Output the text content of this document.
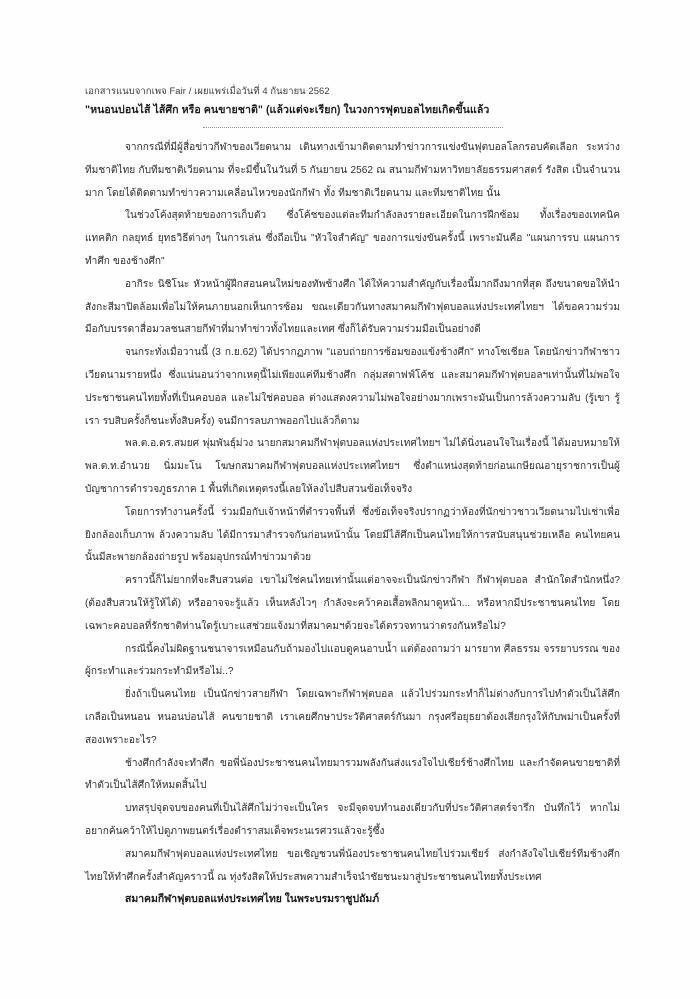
เอกสารแนบจากเพจ Fair / เผยแพร่เมื่อวันที่ 4 กันยายน 2562
"หนอนบ่อนไส้ ไส้ศึก หรือ คนขายชาติ" (แล้วแต่จะเรียก) ในวงการฟุตบอลไทยเกิดขึ้นแล้ว

จากกรณีที่มีผู้สื่อข่าวกีฬาของเวียดนาม เดินทางเข้ามาติดตามทำข่าวการแข่งขันฟุตบอลโลกรอบคัดเลือก ระหว่างทีมชาติไทย กับทีมชาติเวียดนาม ที่จะมีขึ้นในวันที่ 5 กันยายน 2562 ณ สนามกีฬามหาวิทยาลัยธรรมศาสตร์ รังสิต เป็นจำนวนมาก โดยได้ติดตามทำข่าวความเคลื่อนไหวของนักกีฬา ทั้ง ทีมชาติเวียดนาม และทีมชาติไทย นั้น

ในช่วงโค้งสุดท้ายของการเก็บตัว ซึ่งโค้ชของแต่ละทีมกำลังลงรายละเอียดในการฝึกซ้อม ทั้งเรื่องของเทคนิค แทคติก กลยุทธ์ ยุทธวิธีต่างๆ ในการเล่น ซึ่งถือเป็น "หัวใจสำคัญ" ของการแข่งขันครั้งนี้ เพราะมันคือ "แผนการรบ แผนการทำศึก ของช้างศึก"

อากิระ นิชิโนะ หัวหน้าผู้ฝึกสอนคนใหม่ของทัพช้างศึก ได้ให้ความสำคัญกับเรื่องนี้มากถึงมากที่สุด ถึงขนาดขอให้นำสังกะสีมาปิดล้อมเพื่อไม่ให้คนภายนอกเห็นการซ้อม ขณะเดียวกันทางสมาคมกีฬาฟุตบอลแห่งประเทศไทยฯ ได้ขอความร่วมมือกับบรรดาสื่อมวลชนสายกีฬาที่มาทำข่าวทั้งไทยและเทศ ซึ่งก็ได้รับความร่วมมือเป็นอย่างดี

จนกระทั่งเมื่อวานนี้ (3 ก.ย.62) ได้ปรากฏภาพ "แอบถ่ายการซ้อมของแข้งช้างศึก" ทางโซเชียล โดยนักข่าวกีฬาชาวเวียดนามรายหนึ่ง ซึ่งแน่นอนว่าจากเหตุนี้ไม่เพียงแค่ทีมช้างศึก กลุ่มสตาฟฟ์โค้ช และสมาคมกีฬาฟุตบอลฯเท่านั้นที่ไม่พอใจ ประชาชนคนไทยทั้งที่เป็นคอบอล และไม่ใช่คอบอล ต่างแสดงความไม่พอใจอย่างมากเพราะมันเป็นการล้วงความลับ (รู้เขา รู้เรา รบสิบครั้งก็ชนะทั้งสิบครั้ง) จนมีการลบภาพออกไปแล้วก็ตาม

พล.ต.อ.ดร.สมยศ พุ่มพันธุ์ม่วง นายกสมาคมกีฬาฟุตบอลแห่งประเทศไทยฯ ไม่ได้นิ่งนอนใจในเรื่องนี้ ได้มอบหมายให้ พล.ต.ท.อำนวย นิ่มมะโน โฆษกสมาคมกีฬาฟุตบอลแห่งประเทศไทยฯ ซึ่งตำแหน่งสุดท้ายก่อนเกษียณอายุราชการเป็นผู้บัญชาการตำรวจภูธรภาค 1 พื้นที่เกิดเหตุตรงนี้เลยให้ลงไปสืบสวนข้อเท็จจริง

โดยการทำงานครั้งนี้ ร่วมมือกับเจ้าหน้าที่ตำรวจพื้นที่ ซึ่งข้อเท็จจริงปรากฏว่าห้องที่นักข่าวชาวเวียดนามไปเช่าเพื่อยิงกล้องเก็บภาพ ล้วงความลับ ได้มีการมาสำรวจกันก่อนหน้านั้น โดยมีไส้ศึกเป็นคนไทยให้การสนับสนุนช่วยเหลือ คนไทยคนนั้นมีสะพายกล้องถ่ายรูป พร้อมอุปกรณ์ทำข่าวมาด้วย

คราวนี้ก็ไม่ยากที่จะสืบสวนต่อ เขาไม่ใช่คนไทยเท่านั้นแต่อาจจะเป็นนักข่าวกีฬา กีฬาฟุตบอล สำนักใดสำนักหนึ่ง? (ต้องสืบสวนให้รู้ให้ได้) หรืออาจจะรู้แล้ว เห็นหลังไวๆ กำลังจะคว้าคอเสื้อพลิกมาดูหน้า... หรือหากมีประชาชนคนไทย โดยเฉพาะคอบอลที่รักชาติท่านใดรู้เบาะแสช่วยแจ้งมาที่สมาคมฯด้วยจะได้ตรวจทานว่าตรงกันหรือไม่?

กรณีนี้คงไม่ผิดฐานชนาจารเหมือนกับถ้ามองไปแอบดูคนอาบน้ำ แต่ต้องถามว่า มารยาท ศีลธรรม จรรยาบรรณ ของผู้กระทำและร่วมกระทำมีหรือไม่..?

ยิ่งถ้าเป็นคนไทย เป็นนักข่าวสายกีฬา โดยเฉพาะกีฬาฟุตบอล แล้วไปร่วมกระทำก็ไม่ต่างกับการไปทำตัวเป็นไส้ศึก เกลือเป็นหนอน หนอนบ่อนไส้ คนขายชาติ เราเคยศึกษาประวัติศาสตร์กันมา กรุงศรีอยุธยาต้องเสียกรุงให้กับพม่าเป็นครั้งที่สองเพราะอะไร?

ช้างศึกกำลังจะทำศึก ขอพี่น้องประชาชนคนไทยมารวมพลังกันส่งแรงใจไปเชียร์ช้างศึกไทย และกำจัดคนขายชาติที่ทำตัวเป็นไส้ศึกให้หมดสิ้นไป

บทสรุปจุดจบของคนที่เป็นไส้ศึกไม่ว่าจะเป็นใคร จะมีจุดจบทำนองเดียวกับที่ประวัติศาสตร์จารึก บันทึกไว้ หากไม่อยากค้นคว้าให้ไปดูภาพยนตร์เรื่องตำราสมเด็จพระนเรศวรแล้วจะรู้ซึ้ง

สมาคมกีฬาฟุตบอลแห่งประเทศไทย ขอเชิญชวนพี่น้องประชาชนคนไทยไปร่วมเชียร์ ส่งกำลังใจไปเชียร์ทีมช้างศึกไทยให้ทำศึกครั้งสำคัญคราวนี้ ณ ทุ่งรังสิตให้ประสพความสำเร็จนำชัยชนะมาสู่ประชาชนคนไทยทั้งประเทศ

สมาคมกีฬาฟุตบอลแห่งประเทศไทย ในพระบรมราชูปถัมภ์
